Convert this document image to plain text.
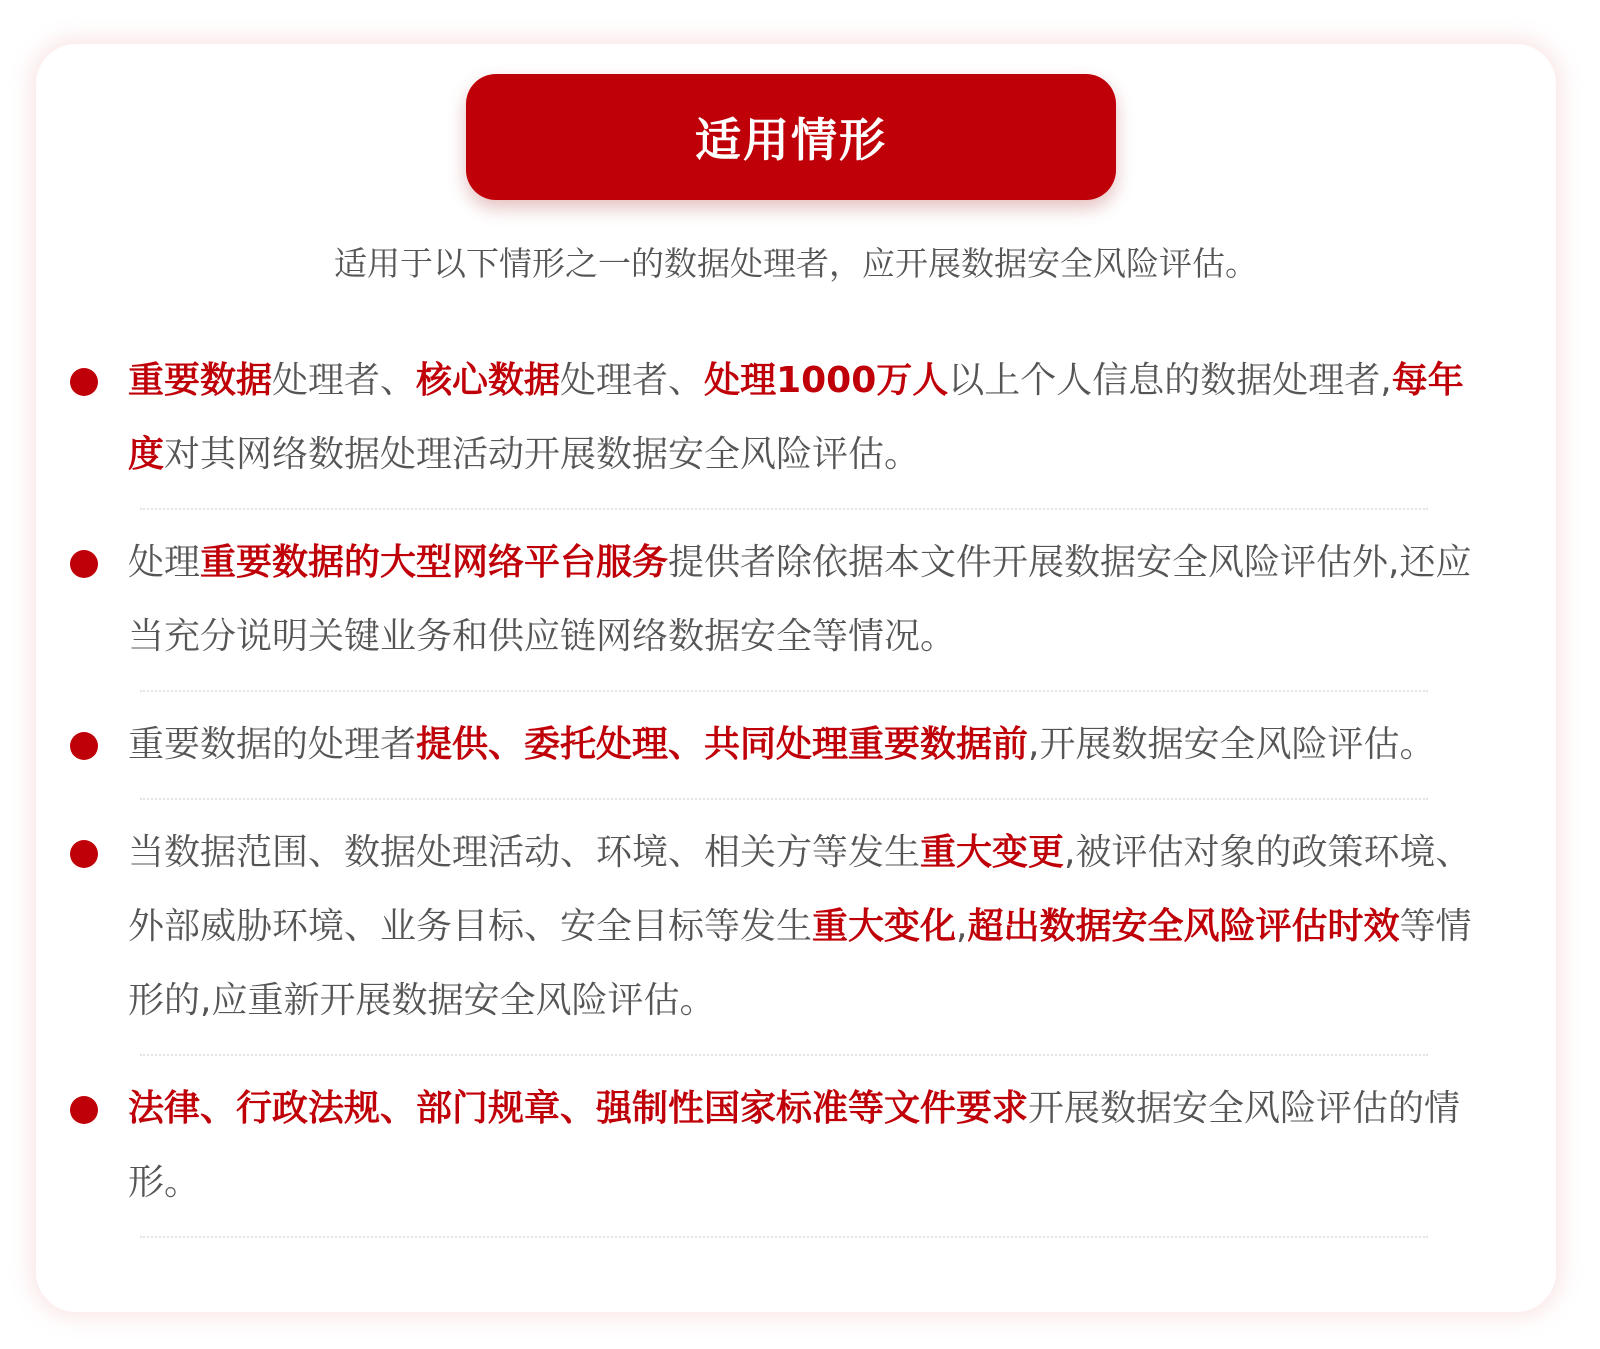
适用情形
适用于以下情形之一的数据处理者，应开展数据安全风险评估。
重要数据处理者、核心数据处理者、处理1000万人以上个人信息的数据处理者,每年度对其网络数据处理活动开展数据安全风险评估。
处理重要数据的大型网络平台服务提供者除依据本文件开展数据安全风险评估外,还应当充分说明关键业务和供应链网络数据安全等情况。
重要数据的处理者提供、委托处理、共同处理重要数据前,开展数据安全风险评估。
当数据范围、数据处理活动、环境、相关方等发生重大变更,被评估对象的政策环境、外部威胁环境、业务目标、安全目标等发生重大变化,超出数据安全风险评估时效等情形的,应重新开展数据安全风险评估。
法律、行政法规、部门规章、强制性国家标准等文件要求开展数据安全风险评估的情形。
